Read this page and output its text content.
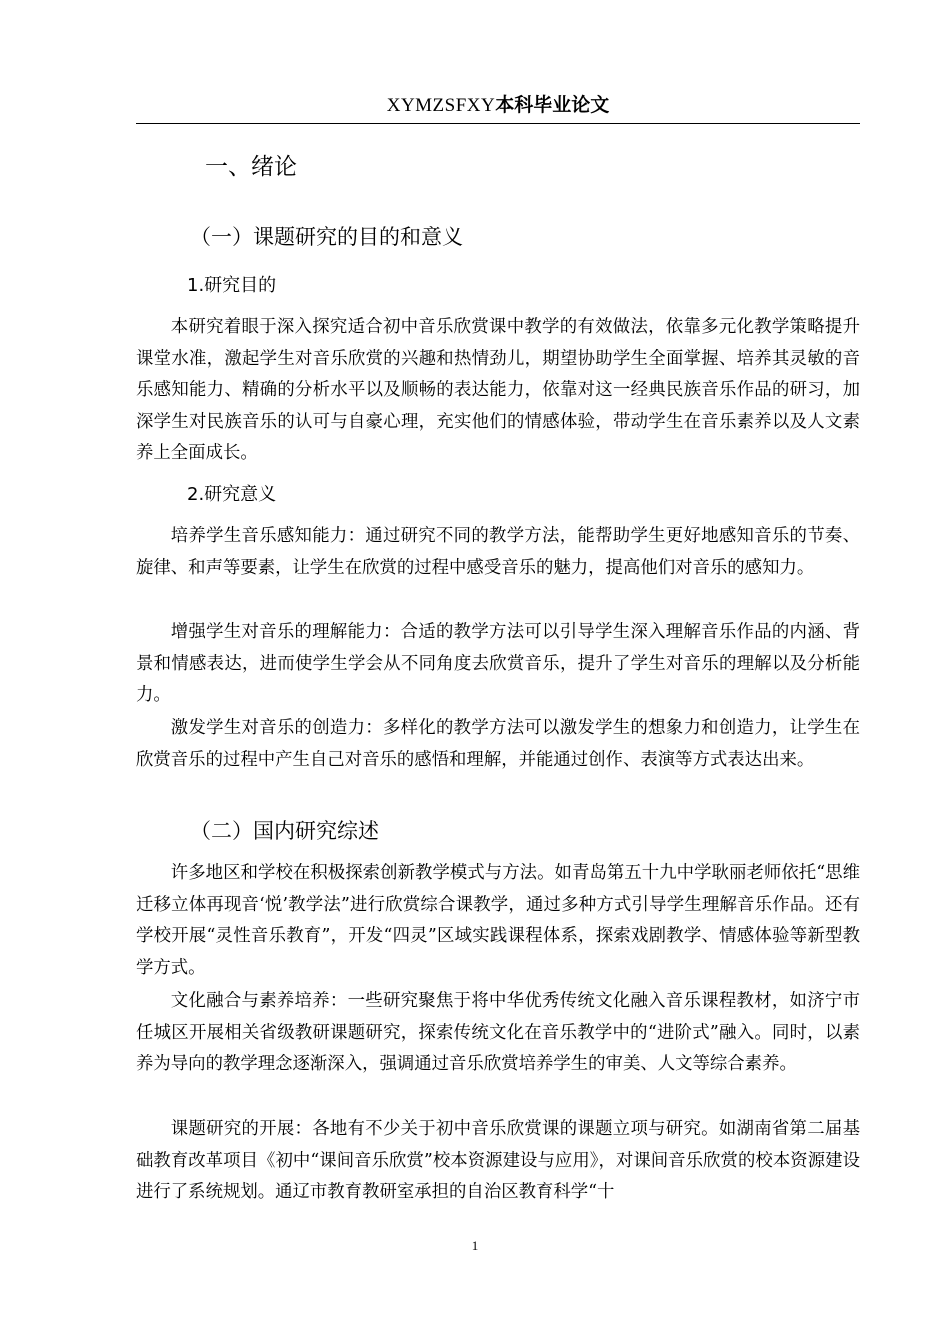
XYMZSFXY本科毕业论文
一、绪论
（一）课题研究的目的和意义
1.研究目的

本研究着眼于深入探究适合初中音乐欣赏课中教学的有效做法，依靠多元化教学策略提升课堂水准，激起学生对音乐欣赏的兴趣和热情劲儿，期望协助学生全面掌握、培养其灵敏的音乐感知能力、精确的分析水平以及顺畅的表达能力，依靠对这一经典民族音乐作品的研习，加深学生对民族音乐的认可与自豪心理，充实他们的情感体验，带动学生在音乐素养以及人文素养上全面成长。

2.研究意义

培养学生音乐感知能力：通过研究不同的教学方法，能帮助学生更好地感知音乐的节奏、旋律、和声等要素，让学生在欣赏的过程中感受音乐的魅力，提高他们对音乐的感知力。

增强学生对音乐的理解能力：合适的教学方法可以引导学生深入理解音乐作品的内涵、背景和情感表达，进而使学生学会从不同角度去欣赏音乐，提升了学生对音乐的理解以及分析能力。

激发学生对音乐的创造力：多样化的教学方法可以激发学生的想象力和创造力，让学生在欣赏音乐的过程中产生自己对音乐的感悟和理解，并能通过创作、表演等方式表达出来。

（二）国内研究综述

许多地区和学校在积极探索创新教学模式与方法。如青岛第五十九中学耿丽老师依托“思维迁移立体再现音‘悦’教学法”进行欣赏综合课教学，通过多种方式引导学生理解音乐作品。还有学校开展“灵性音乐教育”，开发“四灵”区域实践课程体系，探索戏剧教学、情感体验等新型教学方式。

文化融合与素养培养：一些研究聚焦于将中华优秀传统文化融入音乐课程教材，如济宁市任城区开展相关省级教研课题研究，探索传统文化在音乐教学中的“进阶式”融入。同时，以素养为导向的教学理念逐渐深入，强调通过音乐欣赏培养学生的审美、人文等综合素养。

课题研究的开展：各地有不少关于初中音乐欣赏课的课题立项与研究。如湖南省第二届基础教育改革项目《初中“课间音乐欣赏”校本资源建设与应用》，对课间音乐欣赏的校本资源建设进行了系统规划。通辽市教育教研室承担的自治区教育科学“十

1
